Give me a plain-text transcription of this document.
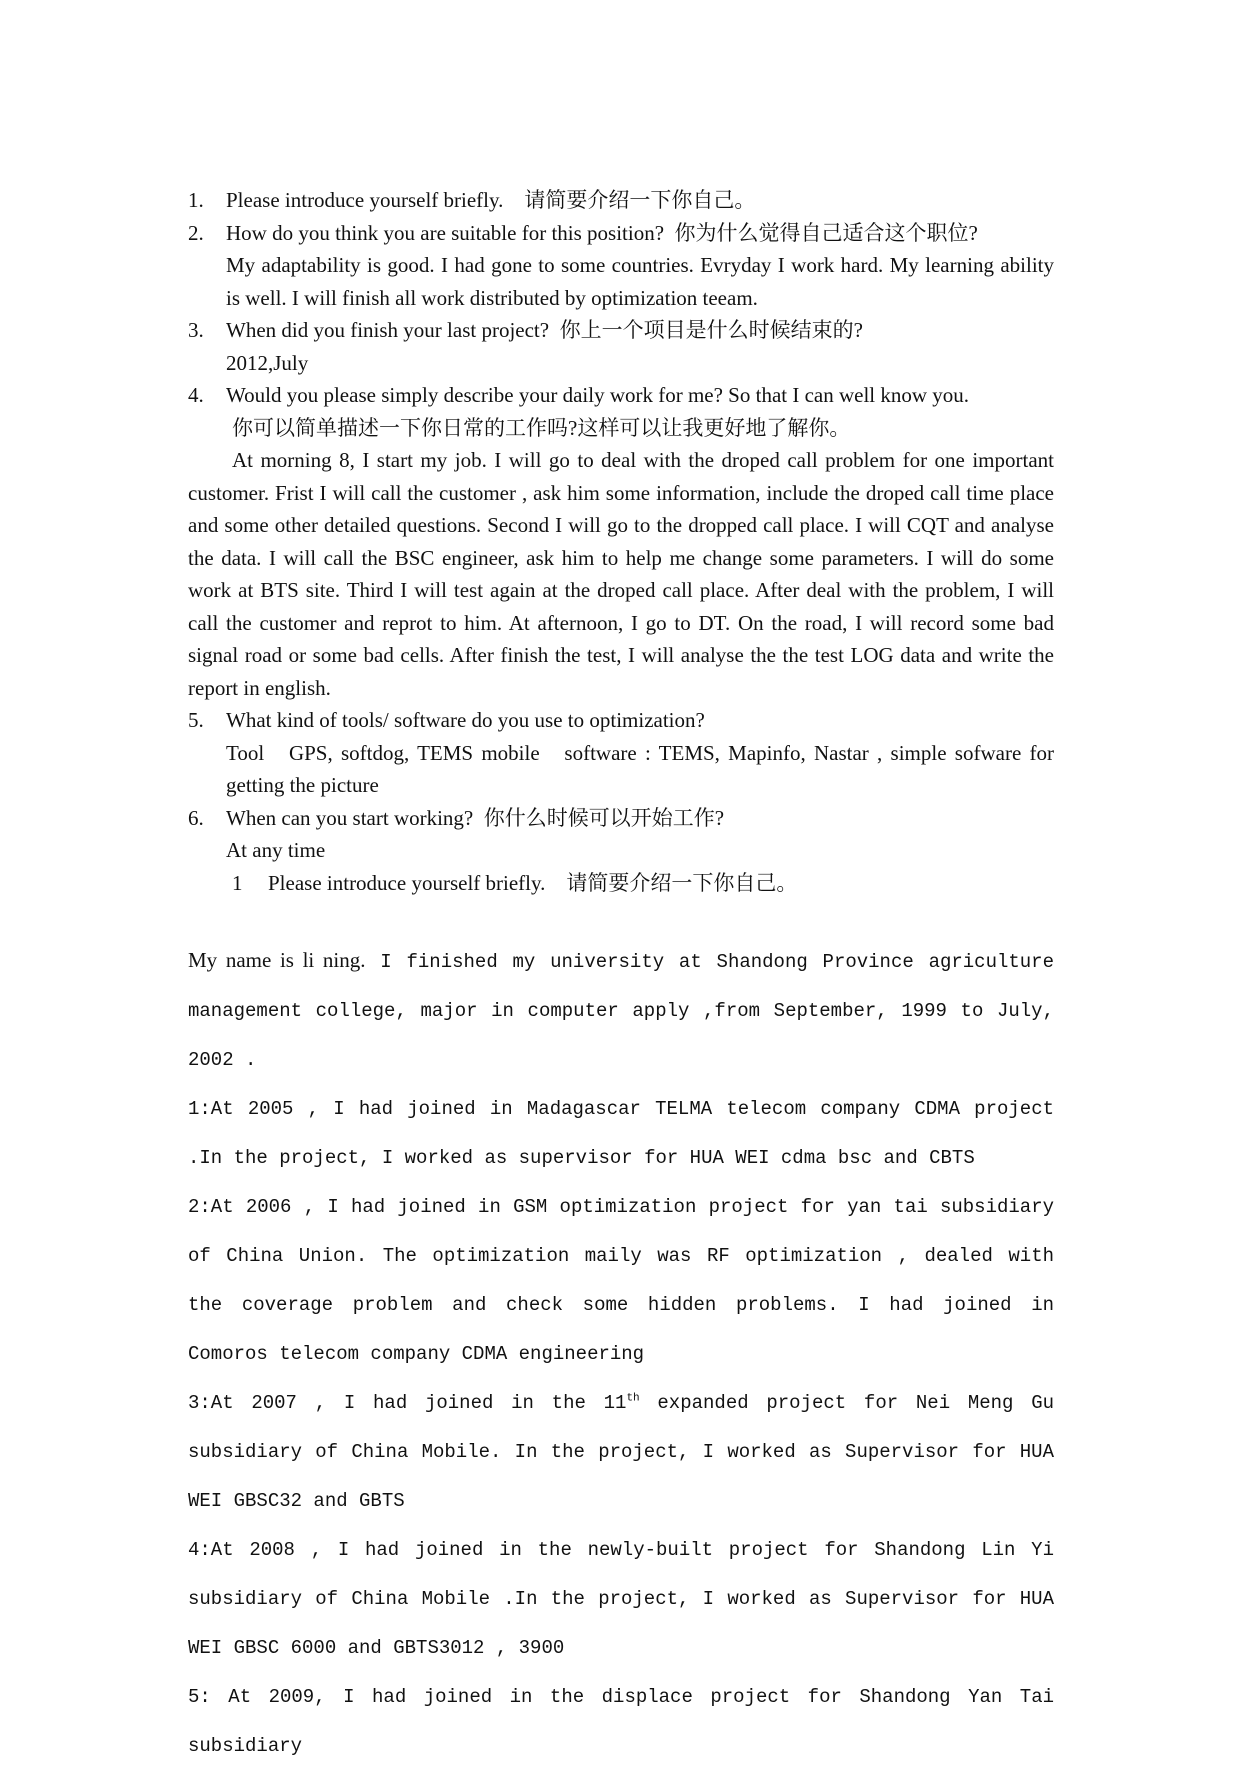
1.	Please introduce yourself briefly. 请简要介绍一下你自己。
2.	How do you think you are suitable for this position? 你为什么觉得自己适合这个职位?
My adaptability is good. I had gone to some countries. Evryday I work hard. My learning ability is well. I will finish all work distributed by optimization teeam.
3.	When did you finish your last project? 你上一个项目是什么时候结束的?
2012,July
4.	Would you please simply describe your daily work for me? So that I can well know you.
你可以简单描述一下你日常的工作吗?这样可以让我更好地了解你。
At morning 8, I start my job. I will go to deal with the droped call problem for one important customer. Frist I will call the customer , ask him some information, include the droped call time place and some other detailed questions. Second I will go to the dropped call place. I will CQT and analyse the data. I will call the BSC engineer, ask him to help me change some parameters. I will do some work at BTS site. Third I will test again at the droped call place. After deal with the problem, I will call the customer and reprot to him. At afternoon, I go to DT. On the road, I will record some bad signal road or some bad cells. After finish the test, I will analyse the the test LOG data and write the report in english.
5.	What kind of tools/ software do you use to optimization?
Tool   GPS, softdog, TEMS mobile   software : TEMS, Mapinfo, Nastar , simple sofware for getting the picture
6.	When can you start working? 你什么时候可以开始工作?
At any time
1	Please introduce yourself briefly. 请简要介绍一下你自己。

My name is li ning. I finished my university at Shandong Province agriculture management college, major in computer apply ,from September, 1999 to July, 2002 .

1:At 2005 , I had joined in Madagascar TELMA telecom company CDMA project .In the project, I worked as supervisor for HUA WEI cdma bsc and CBTS

2:At 2006 , I had joined in GSM optimization project for yan tai subsidiary of China Union. The optimization maily was RF optimization , dealed with the coverage problem and check some hidden problems. I had joined in Comoros telecom company CDMA engineering

3:At 2007 , I had joined in the 11th expanded project for Nei Meng Gu subsidiary of China Mobile. In the project, I worked as Supervisor for HUA WEI GBSC32 and GBTS

4:At 2008 , I had joined in the newly-built project for Shandong Lin Yi subsidiary of China Mobile .In the project, I worked as Supervisor for HUA WEI GBSC 6000 and GBTS3012 , 3900

5: At 2009, I had joined in the displace project for Shandong Yan Tai subsidiary
